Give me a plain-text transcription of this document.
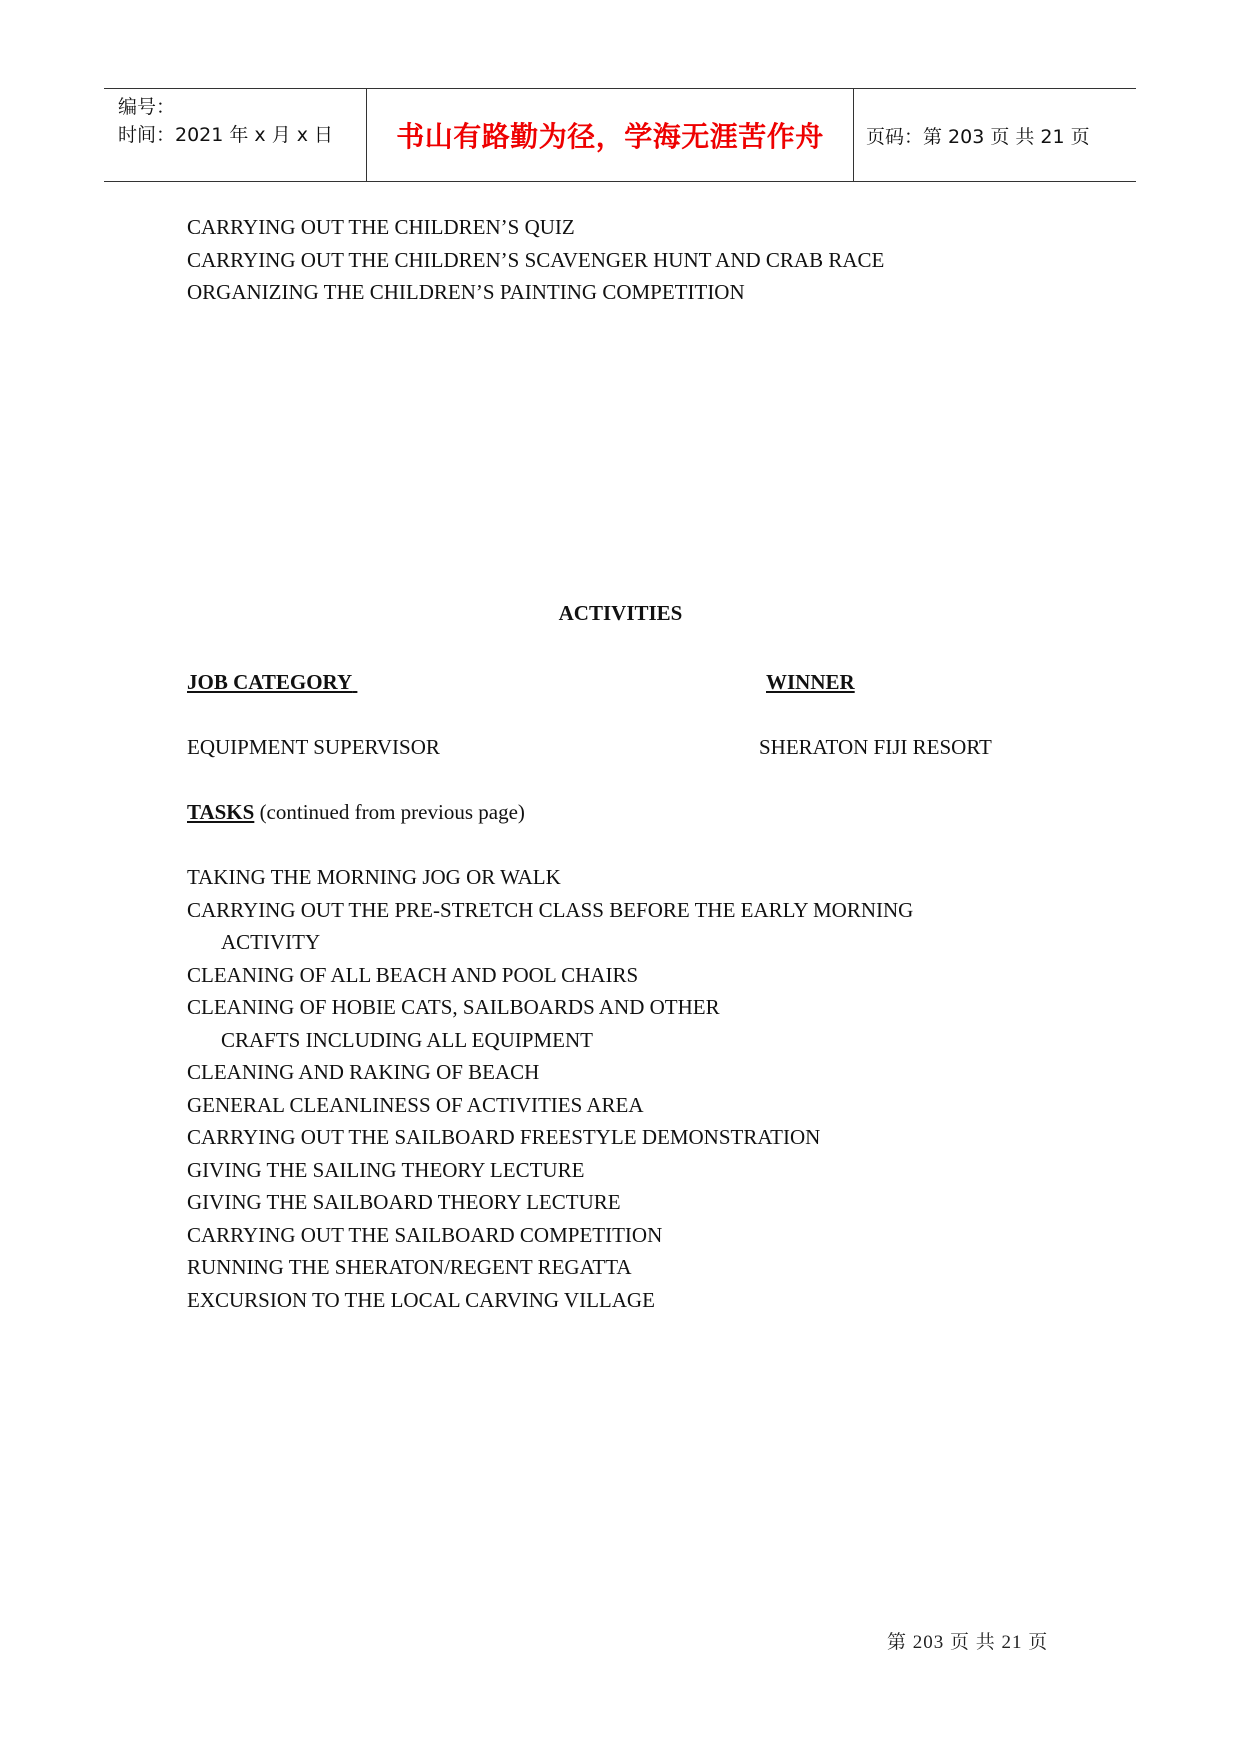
编号：
时间：2021 年 x 月 x 日	书山有路勤为径，学海无涯苦作舟	页码：第 203 页 共 21 页
CARRYING OUT THE CHILDREN’S QUIZ
CARRYING OUT THE CHILDREN’S SCAVENGER HUNT AND CRAB RACE
ORGANIZING THE CHILDREN’S PAINTING COMPETITION
ACTIVITIES
JOB CATEGORY	WINNER
EQUIPMENT SUPERVISOR	SHERATON FIJI RESORT
TASKS (continued from previous page)
TAKING THE MORNING JOG OR WALK
CARRYING OUT THE PRE-STRETCH CLASS BEFORE THE EARLY MORNING
ACTIVITY
CLEANING OF ALL BEACH AND POOL CHAIRS
CLEANING OF HOBIE CATS, SAILBOARDS AND OTHER
CRAFTS INCLUDING ALL EQUIPMENT
CLEANING AND RAKING OF BEACH
GENERAL CLEANLINESS OF ACTIVITIES AREA
CARRYING OUT THE SAILBOARD FREESTYLE DEMONSTRATION
GIVING THE SAILING THEORY LECTURE
GIVING THE SAILBOARD THEORY LECTURE
CARRYING OUT THE SAILBOARD COMPETITION
RUNNING THE SHERATON/REGENT REGATTA
EXCURSION TO THE LOCAL CARVING VILLAGE
第 203 页 共 21 页
